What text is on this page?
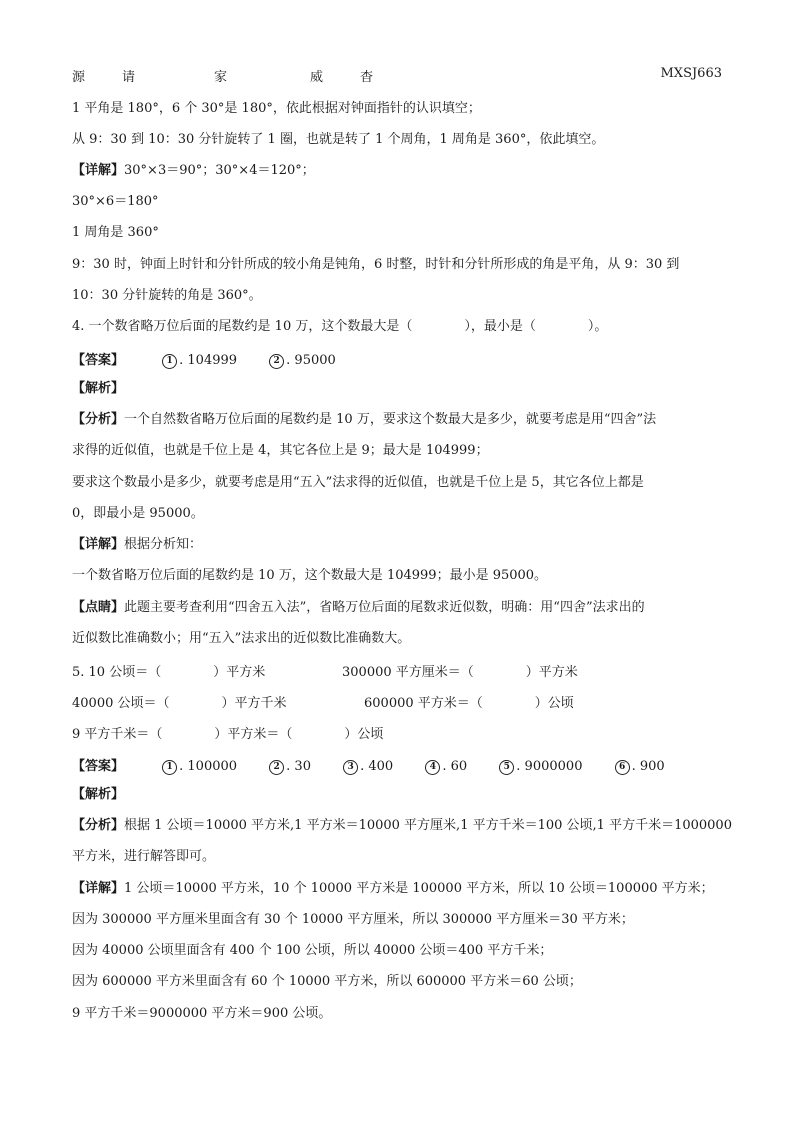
源	请	家	威	杳	MXSJ663
1 平角是 180°，6 个 30°是 180°，依此根据对钟面指针的认识填空；
从 9：30 到 10：30 分针旋转了 1 圈，也就是转了 1 个周角，1 周角是 360°，依此填空。
【详解】30°×3＝90°；30°×4＝120°；
30°×6＝180°
1 周角是 360°
9：30 时，钟面上时针和分针所成的较小角是钝角，6 时整，时针和分针所形成的角是平角，从 9：30 到
10：30 分针旋转的角是 360°。
4. 一个数省略万位后面的尾数约是 10 万，这个数最大是（　　　　），最小是（　　　　）。
【答案】	1 . 104999	2 . 95000
【解析】
【分析】一个自然数省略万位后面的尾数约是 10 万，要求这个数最大是多少，就要考虑是用“四舍”法
求得的近似值，也就是千位上是 4，其它各位上是 9；最大是 104999；
要求这个数最小是多少，就要考虑是用“五入”法求得的近似值，也就是千位上是 5，其它各位上都是
0，即最小是 95000。
【详解】根据分析知：
一个数省略万位后面的尾数约是 10 万，这个数最大是 104999；最小是 95000。
【点睛】此题主要考查利用“四舍五入法”，省略万位后面的尾数求近似数，明确：用“四舍”法求出的
近似数比准确数小；用“五入”法求出的近似数比准确数大。
5. 10 公顷＝（　　　　）平方米	300000 平方厘米＝（　　　　）平方米
40000 公顷＝（　　　　）平方千米	600000 平方米＝（　　　　）公顷
9 平方千米＝（　　　　）平方米＝（　　　　）公顷
【答案】	1 . 100000	2 . 30	3 . 400	4 . 60	5 . 9000000	6 . 900
【解析】
【分析】根据 1 公顷＝10000 平方米,1 平方米＝10000 平方厘米,1 平方千米＝100 公顷,1 平方千米＝1000000
平方米，进行解答即可。
【详解】1 公顷＝10000 平方米，10 个 10000 平方米是 100000 平方米，所以 10 公顷＝100000 平方米；
因为 300000 平方厘米里面含有 30 个 10000 平方厘米，所以 300000 平方厘米＝30 平方米；
因为 40000 公顷里面含有 400 个 100 公顷，所以 40000 公顷＝400 平方千米；
因为 600000 平方米里面含有 60 个 10000 平方米，所以 600000 平方米＝60 公顷；
9 平方千米＝9000000 平方米＝900 公顷。
